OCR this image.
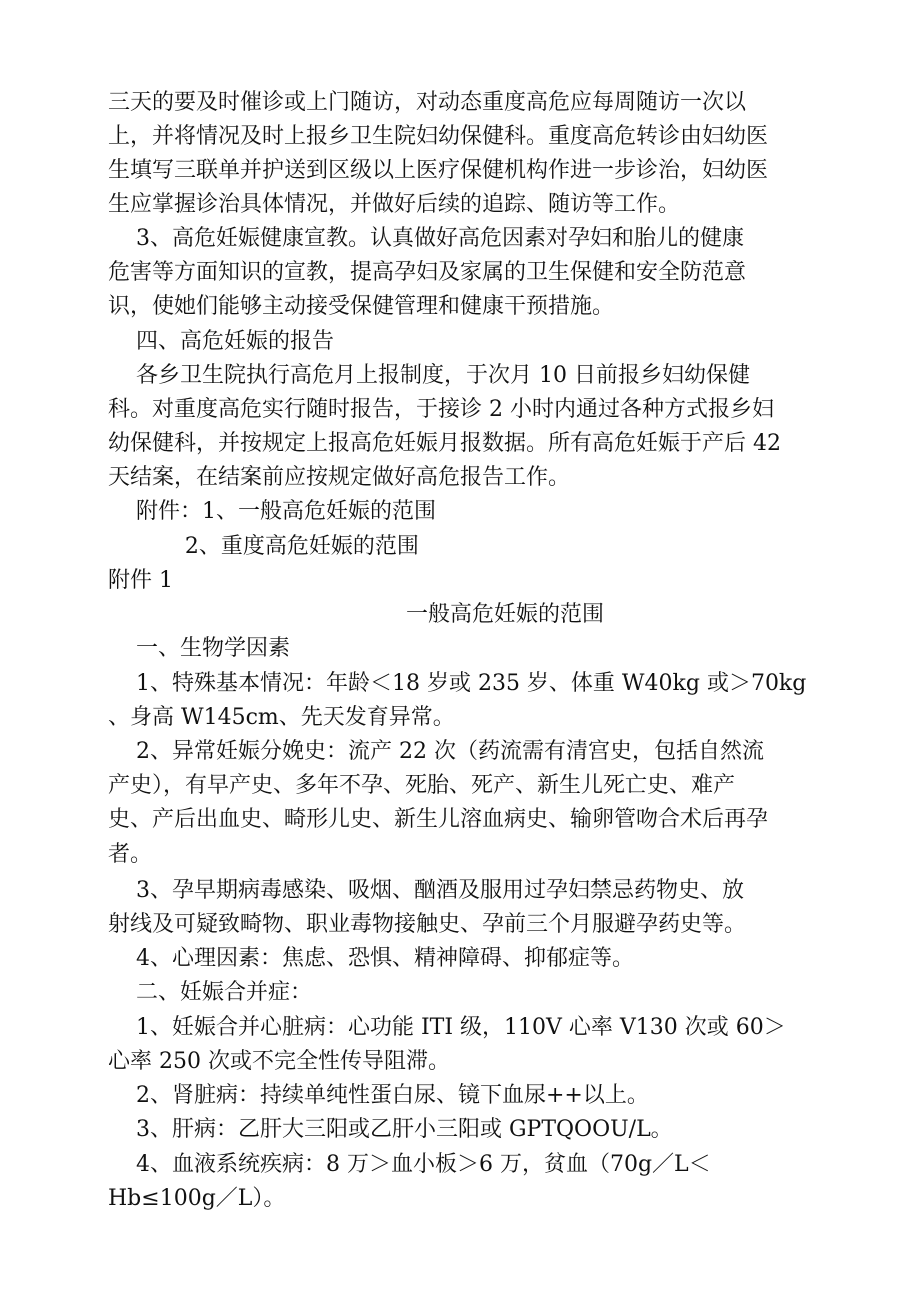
三天的要及时催诊或上门随访，对动态重度高危应每周随访一次以
上，并将情况及时上报乡卫生院妇幼保健科。重度高危转诊由妇幼医
生填写三联单并护送到区级以上医疗保健机构作进一步诊治，妇幼医
生应掌握诊治具体情况，并做好后续的追踪、随访等工作。
3、高危妊娠健康宣教。认真做好高危因素对孕妇和胎儿的健康
危害等方面知识的宣教，提高孕妇及家属的卫生保健和安全防范意
识，使她们能够主动接受保健管理和健康干预措施。
四、高危妊娠的报告
各乡卫生院执行高危月上报制度，于次月 10 日前报乡妇幼保健
科。对重度高危实行随时报告，于接诊 2 小时内通过各种方式报乡妇
幼保健科，并按规定上报高危妊娠月报数据。所有高危妊娠于产后 42
天结案，在结案前应按规定做好高危报告工作。
附件：1、一般高危妊娠的范围
2、重度高危妊娠的范围
附件 1
一般高危妊娠的范围
一、生物学因素
1、特殊基本情况：年龄＜18 岁或 235 岁、体重 W40kg 或＞70kg
、身高 W145cm、先天发育异常。
2、异常妊娠分娩史：流产 22 次（药流需有清宫史，包括自然流
产史），有早产史、多年不孕、死胎、死产、新生儿死亡史、难产
史、产后出血史、畸形儿史、新生儿溶血病史、输卵管吻合术后再孕
者。
3、孕早期病毒感染、吸烟、酗酒及服用过孕妇禁忌药物史、放
射线及可疑致畸物、职业毒物接触史、孕前三个月服避孕药史等。
4、心理因素：焦虑、恐惧、精神障碍、抑郁症等。
二、妊娠合并症：
1、妊娠合并心脏病：心功能 ITI 级，110V 心率 V130 次或 60＞
心率 250 次或不完全性传导阻滞。
2、肾脏病：持续单纯性蛋白尿、镜下血尿++以上。
3、肝病：乙肝大三阳或乙肝小三阳或 GPTQOOU/L。
4、血液系统疾病：8 万＞血小板＞6 万，贫血（70g／L＜
Hb≤100g／L）。
